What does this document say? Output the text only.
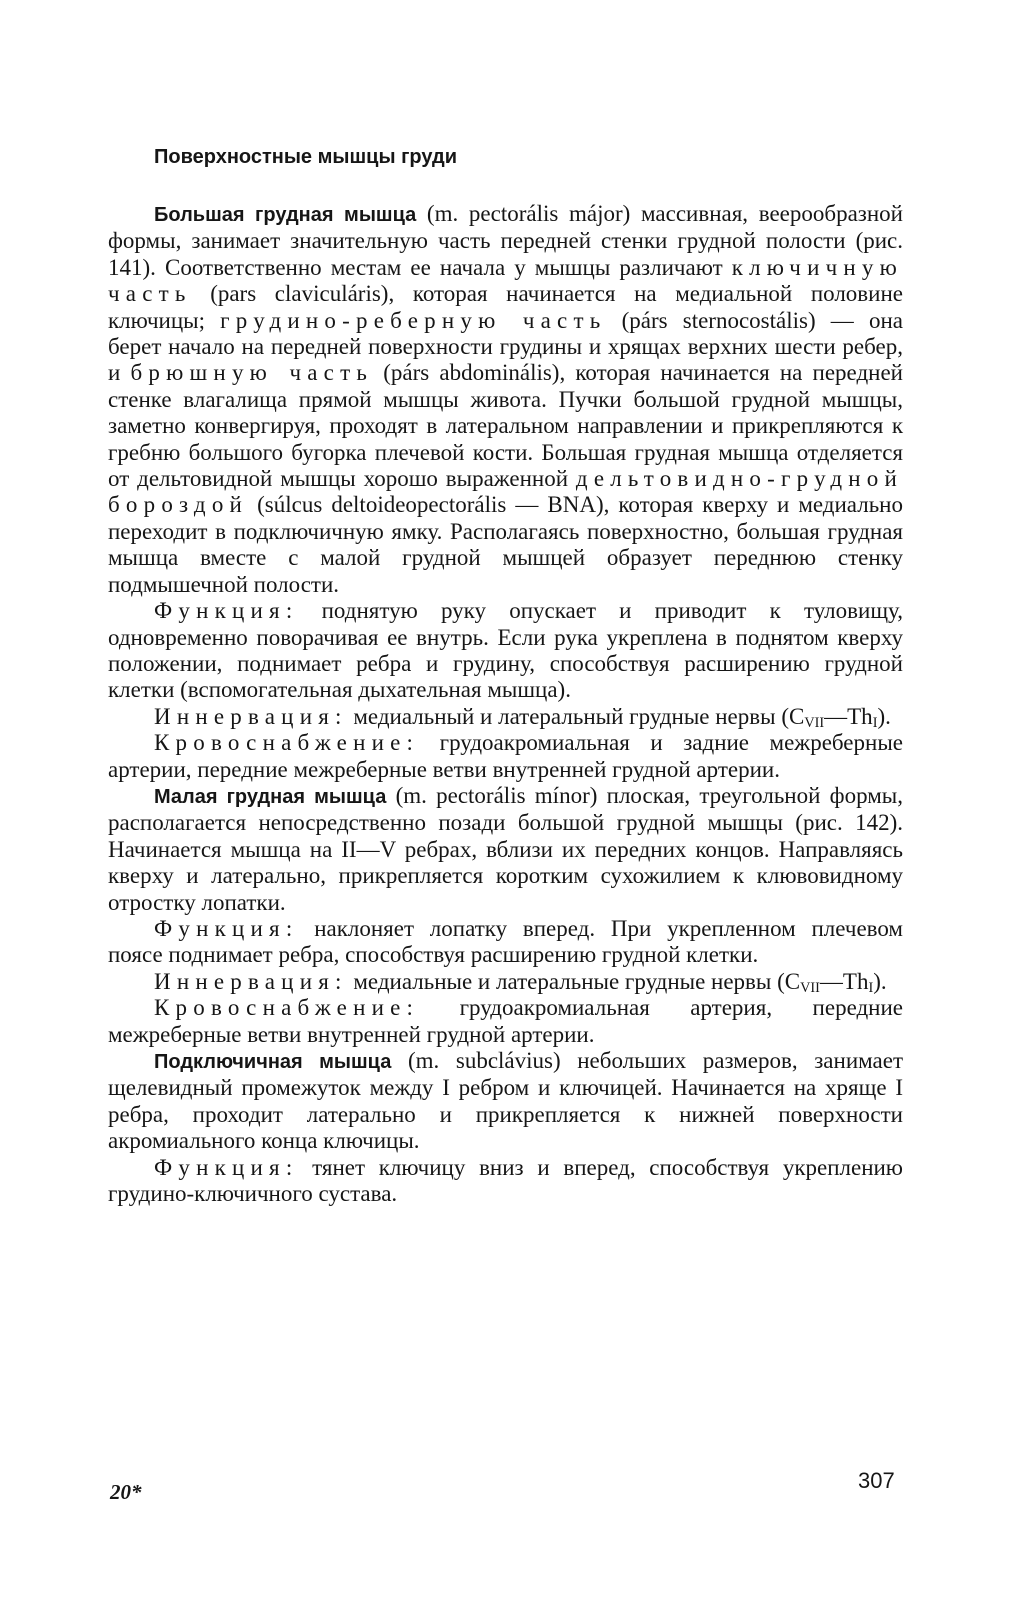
Поверхностные мышцы груди

Большая грудная мышца (m. pectorális májor) массивная, веерообразной формы, занимает значительную часть передней стенки грудной полости (рис. 141). Соответственно местам ее начала у мышцы различают ключичную часть (pars claviculáris), которая начинается на медиальной половине ключицы; грудино-реберную часть (párs sternocostális) — она берет начало на передней поверхности грудины и хрящах верхних шести ребер, и брюшную часть (párs abdominális), которая начинается на передней стенке влагалища прямой мышцы живота. Пучки большой грудной мышцы, заметно конвергируя, проходят в латеральном направлении и прикрепляются к гребню большого бугорка плечевой кости. Большая грудная мышца отделяется от дельтовидной мышцы хорошо выраженной дельтовидно-грудной бороздой (súlcus deltoideopectorális — BNA), которая кверху и медиально переходит в подключичную ямку. Располагаясь поверхностно, большая грудная мышца вместе с малой грудной мышцей образует переднюю стенку подмышечной полости.

Функция: поднятую руку опускает и приводит к туловищу, одновременно поворачивая ее внутрь. Если рука укреплена в поднятом кверху положении, поднимает ребра и грудину, способствуя расширению грудной клетки (вспомогательная дыхательная мышца).

Иннервация: медиальный и латеральный грудные нервы $(C_{VII}—Th_I)$.

Кровоснабжение: грудоакромиальная и задние межреберные артерии, передние межреберные ветви внутренней грудной артерии.

Малая грудная мышца (m. pectorális mínor) плоская, треугольной формы, располагается непосредственно позади большой грудной мышцы (рис. 142). Начинается мышца на II—V ребрах, вблизи их передних концов. Направляясь кверху и латерально, прикрепляется коротким сухожилием к клювовидному отростку лопатки.

Функция: наклоняет лопатку вперед. При укрепленном плечевом поясе поднимает ребра, способствуя расширению грудной клетки.

Иннервация: медиальные и латеральные грудные нервы $(C_{VII}—Th_I)$.

Кровоснабжение: грудоакромиальная артерия, передние межреберные ветви внутренней грудной артерии.

Подключичная мышца (m. subclávius) небольших размеров, занимает щелевидный промежуток между I ребром и ключицей. Начинается на хряще I ребра, проходит латерально и прикрепляется к нижней поверхности акромиального конца ключицы.

Функция: тянет ключицу вниз и вперед, способствуя укреплению грудино-ключичного сустава.

20*	307
